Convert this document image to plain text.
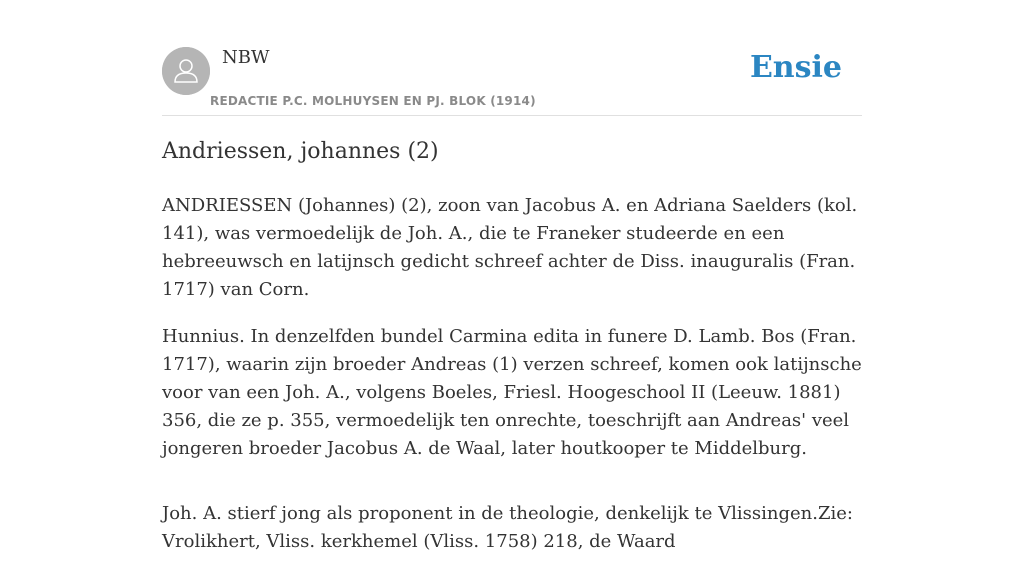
NBW
REDACTIE P.C. MOLHUYSEN EN PJ. BLOK (1914)
Ensie
Andriessen, johannes (2)

ANDRIESSEN (Johannes) (2), zoon van Jacobus A. en Adriana Saelders (kol. 141), was vermoedelijk de Joh. A., die te Franeker studeerde en een hebreeuwsch en latijnsch gedicht schreef achter de Diss. inauguralis (Fran. 1717) van Corn.

Hunnius. In denzelfden bundel Carmina edita in funere D. Lamb. Bos (Fran. 1717), waarin zijn broeder Andreas (1) verzen schreef, komen ook latijnsche voor van een Joh. A., volgens Boeles, Friesl. Hoogeschool II (Leeuw. 1881) 356, die ze p. 355, vermoedelijk ten onrechte, toeschrijft aan Andreas' veel jongeren broeder Jacobus A. de Waal, later houtkooper te Middelburg.

Joh. A. stierf jong als proponent in de theologie, denkelijk te Vlissingen.Zie: Vrolikhert, Vliss. kerkhemel (Vliss. 1758) 218, de Waard
